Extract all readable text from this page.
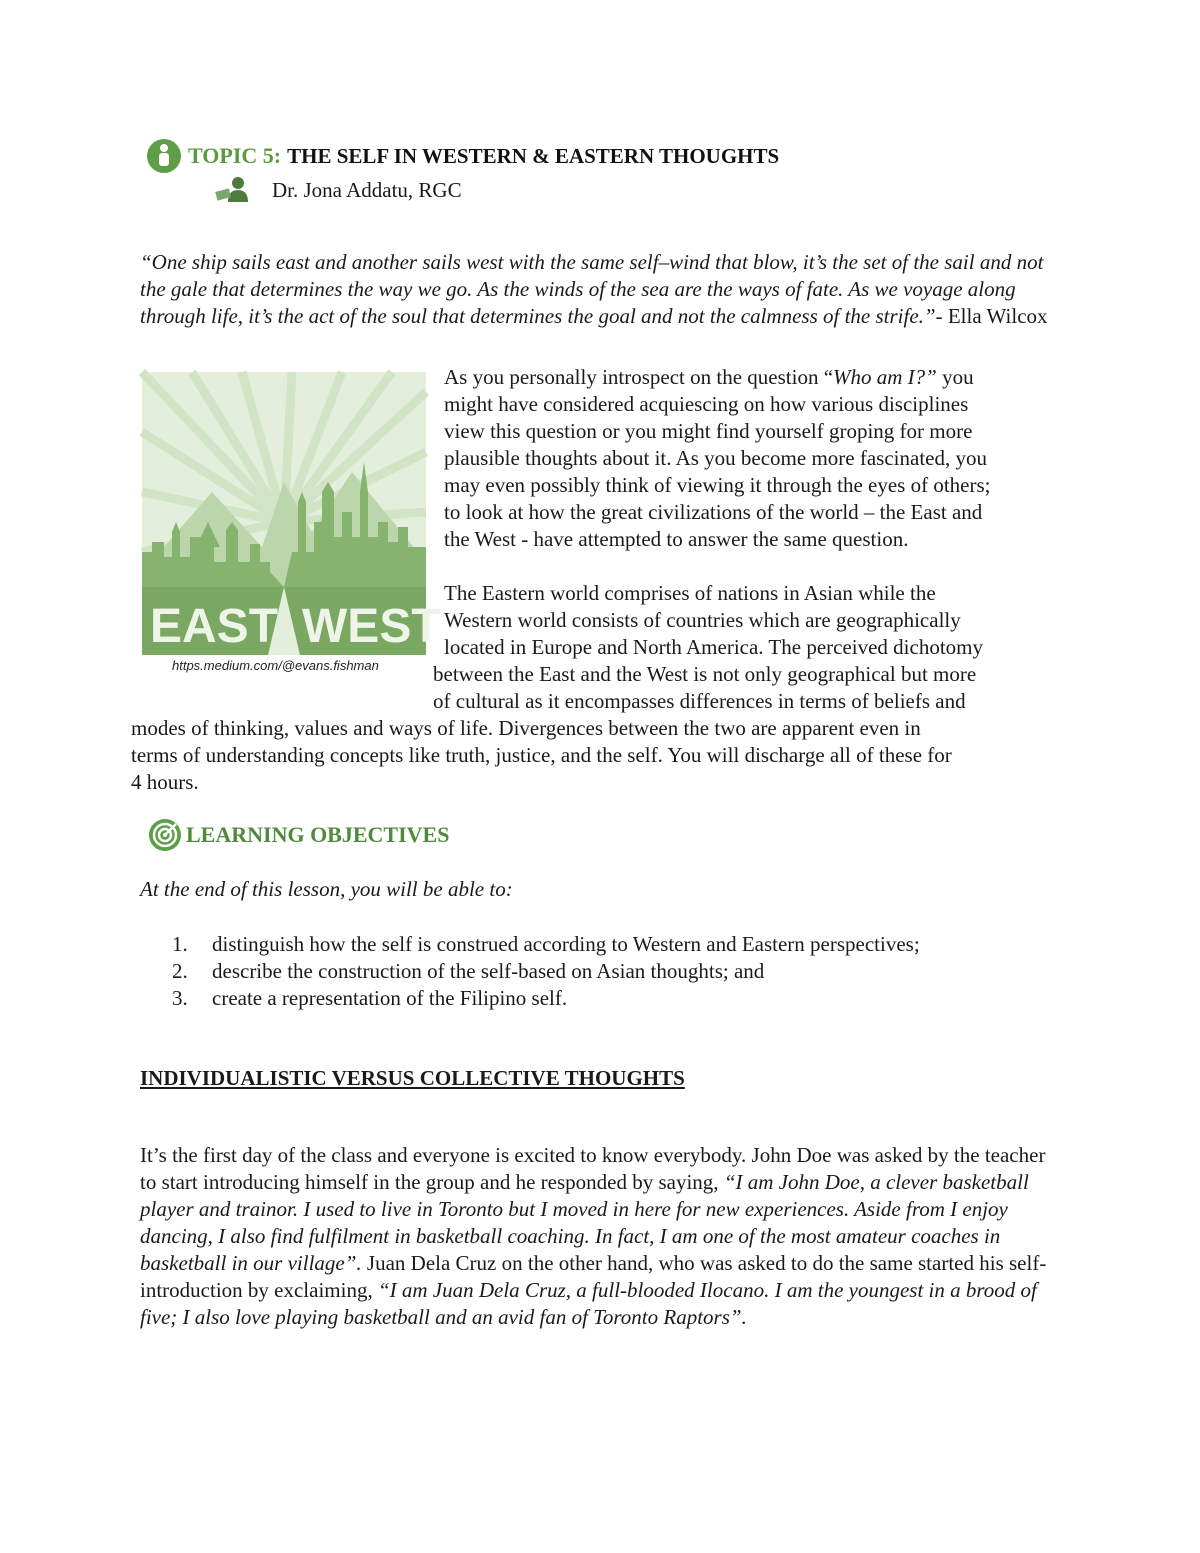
TOPIC 5: THE SELF IN WESTERN & EASTERN THOUGHTS
Dr. Jona Addatu, RGC

“One ship sails east and another sails west with the same self–wind that blow, it’s the set of the sail and not the gale that determines the way we go. As the winds of the sea are the ways of fate. As we voyage along through life, it’s the act of the soul that determines the goal and not the calmness of the strife.”- Ella Wilcox

EAST WEST
https.medium.com/@evans.fishman
As you personally introspect on the question “Who am I?” you
might have considered acquiescing on how various disciplines
view this question or you might find yourself groping for more
plausible thoughts about it. As you become more fascinated, you
may even possibly think of viewing it through the eyes of others;
to look at how the great civilizations of the world – the East and
the West - have attempted to answer the same question.
The Eastern world comprises of nations in Asian while the
Western world consists of countries which are geographically
located in Europe and North America. The perceived dichotomy
between the East and the West is not only geographical but more
of cultural as it encompasses differences in terms of beliefs and
modes of thinking, values and ways of life. Divergences between the two are apparent even in
terms of understanding concepts like truth, justice, and the self. You will discharge all of these for
4 hours.
LEARNING OBJECTIVES
At the end of this lesson, you will be able to:
1.	distinguish how the self is construed according to Western and Eastern perspectives;
2.	describe the construction of the self-based on Asian thoughts; and
3.	create a representation of the Filipino self.
INDIVIDUALISTIC VERSUS COLLECTIVE THOUGHTS

It’s the first day of the class and everyone is excited to know everybody. John Doe was asked by the teacher to start introducing himself in the group and he responded by saying, “I am John Doe, a clever basketball player and trainor. I used to live in Toronto but I moved in here for new experiences. Aside from I enjoy dancing, I also find fulfilment in basketball coaching. In fact, I am one of the most amateur coaches in basketball in our village”. Juan Dela Cruz on the other hand, who was asked to do the same started his self-introduction by exclaiming, “I am Juan Dela Cruz, a full-blooded Ilocano. I am the youngest in a brood of five; I also love playing basketball and an avid fan of Toronto Raptors”.
